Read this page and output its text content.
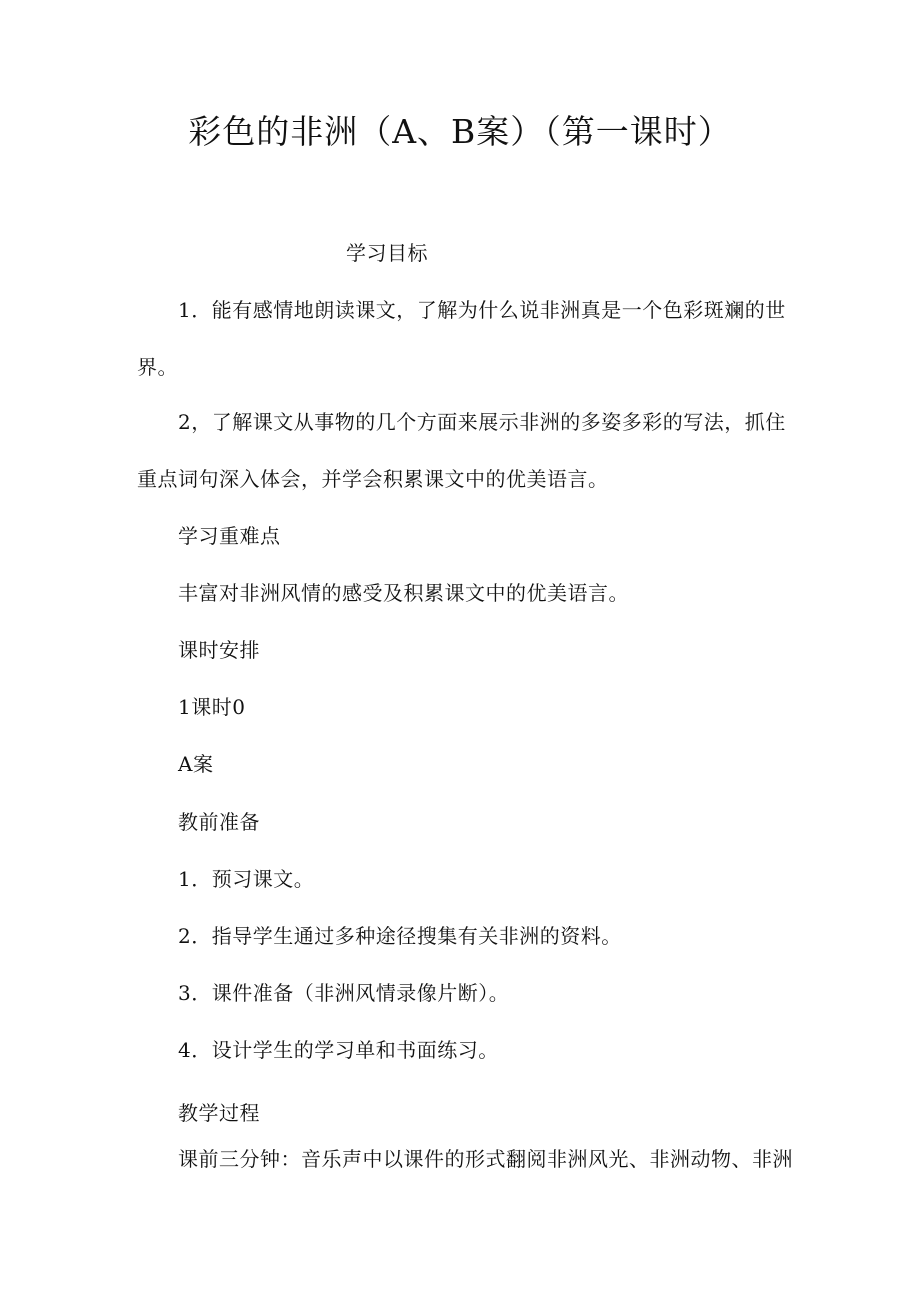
彩色的非洲（A、B案）（第一课时）
学习目标
1．能有感情地朗读课文，了解为什么说非洲真是一个色彩斑斓的世
界。
2，了解课文从事物的几个方面来展示非洲的多姿多彩的写法，抓住
重点词句深入体会，并学会积累课文中的优美语言。
学习重难点
丰富对非洲风情的感受及积累课文中的优美语言。
课时安排
1课时0
A案
教前准备
1．预习课文。
2．指导学生通过多种途径搜集有关非洲的资料。
3．课件准备（非洲风情录像片断）。
4．设计学生的学习单和书面练习。
教学过程
课前三分钟：音乐声中以课件的形式翻阅非洲风光、非洲动物、非洲
